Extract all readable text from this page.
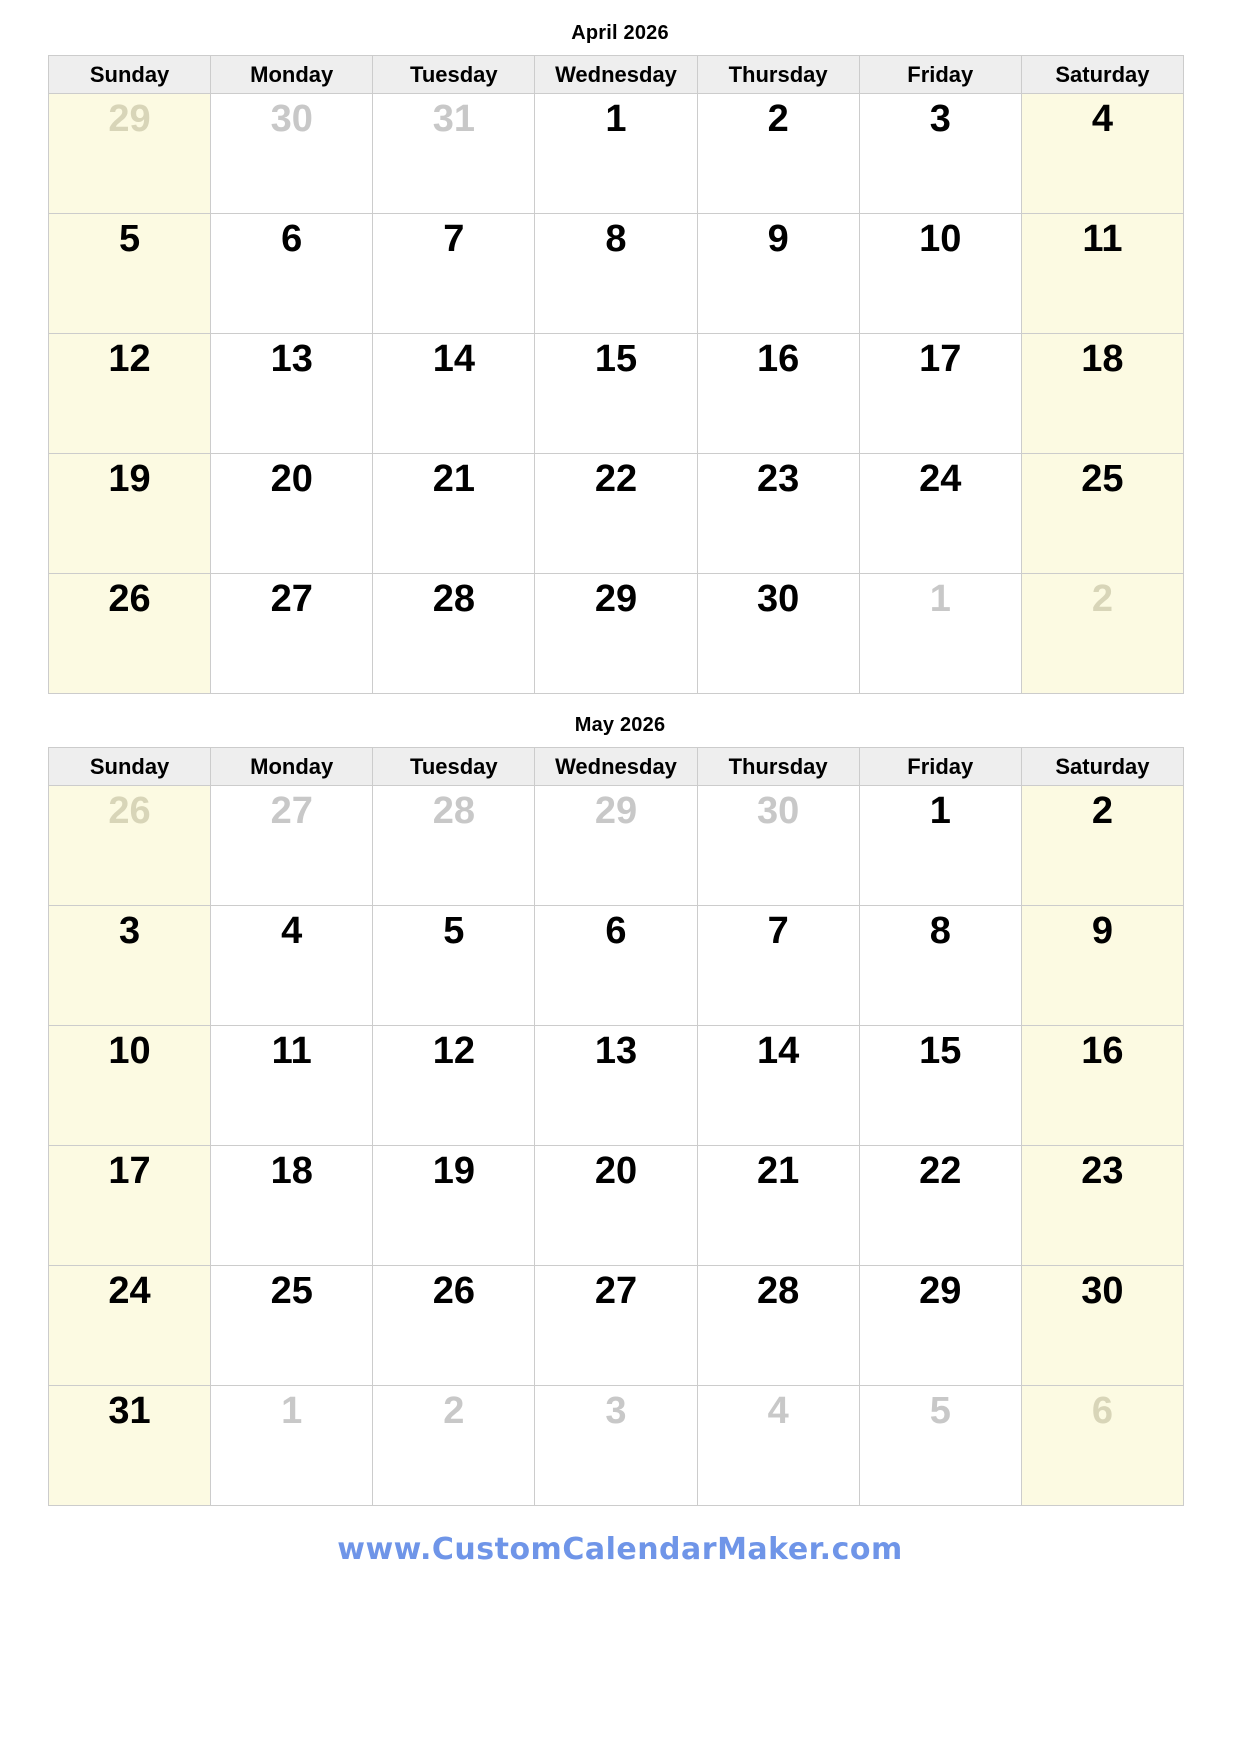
April 2026
Sunday	Monday	Tuesday	Wednesday	Thursday	Friday	Saturday

29	30	31	1	2	3	4

5	6	7	8	9	10	11

12	13	14	15	16	17	18

19	20	21	22	23	24	25

26	27	28	29	30	1	2
May 2026
Sunday	Monday	Tuesday	Wednesday	Thursday	Friday	Saturday

26	27	28	29	30	1	2

3	4	5	6	7	8	9

10	11	12	13	14	15	16

17	18	19	20	21	22	23

24	25	26	27	28	29	30

31	1	2	3	4	5	6
www.CustomCalendarMaker.com
